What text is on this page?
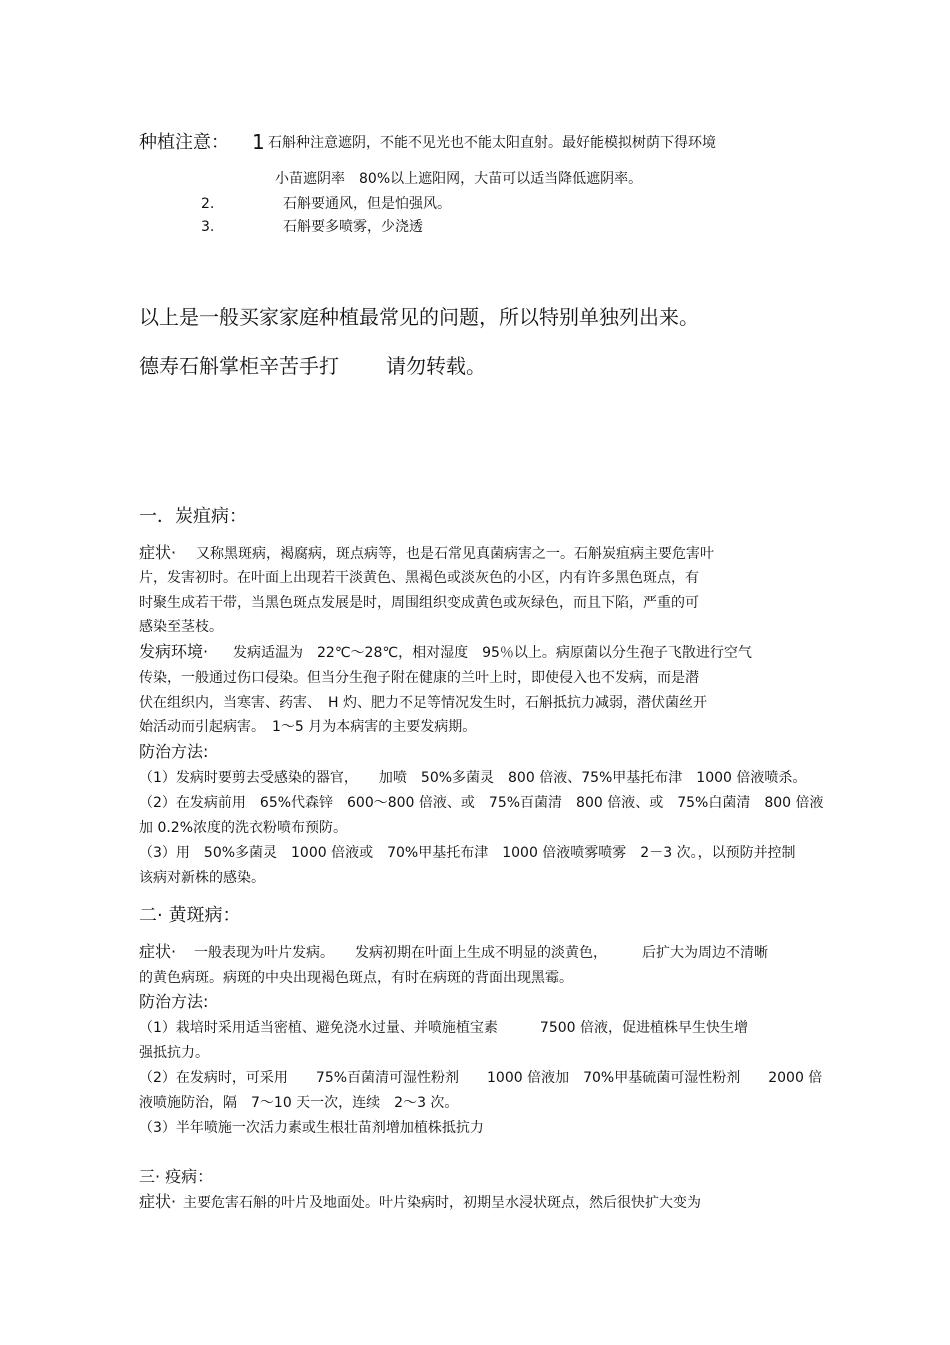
种植注意： 1 石斛种注意遮阴，不能不见光也不能太阳直射。最好能模拟树荫下得环境
小苗遮阴率　80%以上遮阳网，大苗可以适当降低遮阴率。
2.	石斛要通风，但是怕强风。
3.	石斛要多喷雾，少浇透
以上是一般买家家庭种植最常见的问题，所以特别单独列出来。
德寿石斛掌柜辛苦手打 请勿转载。
一．炭疽病：
症状· 又称黑斑病，褐腐病，斑点病等，也是石常见真菌病害之一。石斛炭疽病主要危害叶
片，发害初时。在叶面上出现若干淡黄色、黑褐色或淡灰色的小区，内有许多黑色斑点，有
时聚生成若干带，当黑色斑点发展是时，周围组织变成黄色或灰绿色，而且下陷，严重的可
感染至茎枝。
发病环境· 发病适温为　22℃～28℃，相对湿度　95％以上。病原菌以分生孢子飞散进行空气
传染，一般通过伤口侵染。但当分生孢子附在健康的兰叶上时，即使侵入也不发病，而是潜
伏在组织内，当寒害、药害、　H 灼、肥力不足等情况发生时，石斛抵抗力减弱，潜伏菌丝开
始活动而引起病害。　1～5 月为本病害的主要发病期。
防治方法:
（1）发病时要剪去受感染的器官，　　加喷　50%多菌灵　800 倍液、75%甲基托布津　1000 倍液喷杀。
（2）在发病前用　65%代森锌　600～800 倍液、或　75%百菌清　800 倍液、或　75%白菌清　800 倍液
加 0.2%浓度的洗衣粉喷布预防。
（3）用　50%多菌灵　1000 倍液或　70%甲基托布津　1000 倍液喷雾喷雾　2－3 次。，以预防并控制
该病对新株的感染。
二· 黄斑病：
症状· 一般表现为叶片发病。　　发病初期在叶面上生成不明显的淡黄色，　　　后扩大为周边不清晰
的黄色病斑。病斑的中央出现褐色斑点，有时在病斑的背面出现黑霉。
防治方法:
（1）栽培时采用适当密植、避免浇水过量、并喷施植宝素　　　7500 倍液，促进植株早生快生增
强抵抗力。
（2）在发病时，可采用　　75%百菌清可湿性粉剂　　1000 倍液加　70%甲基硫菌可湿性粉剂　　2000 倍
液喷施防治，隔　7～10 天一次，连续　2～3 次。
（3）半年喷施一次活力素或生根壮苗剂增加植株抵抗力
三· 疫病：
症状· 主要危害石斛的叶片及地面处。叶片染病时，初期呈水浸状斑点，然后很快扩大变为
